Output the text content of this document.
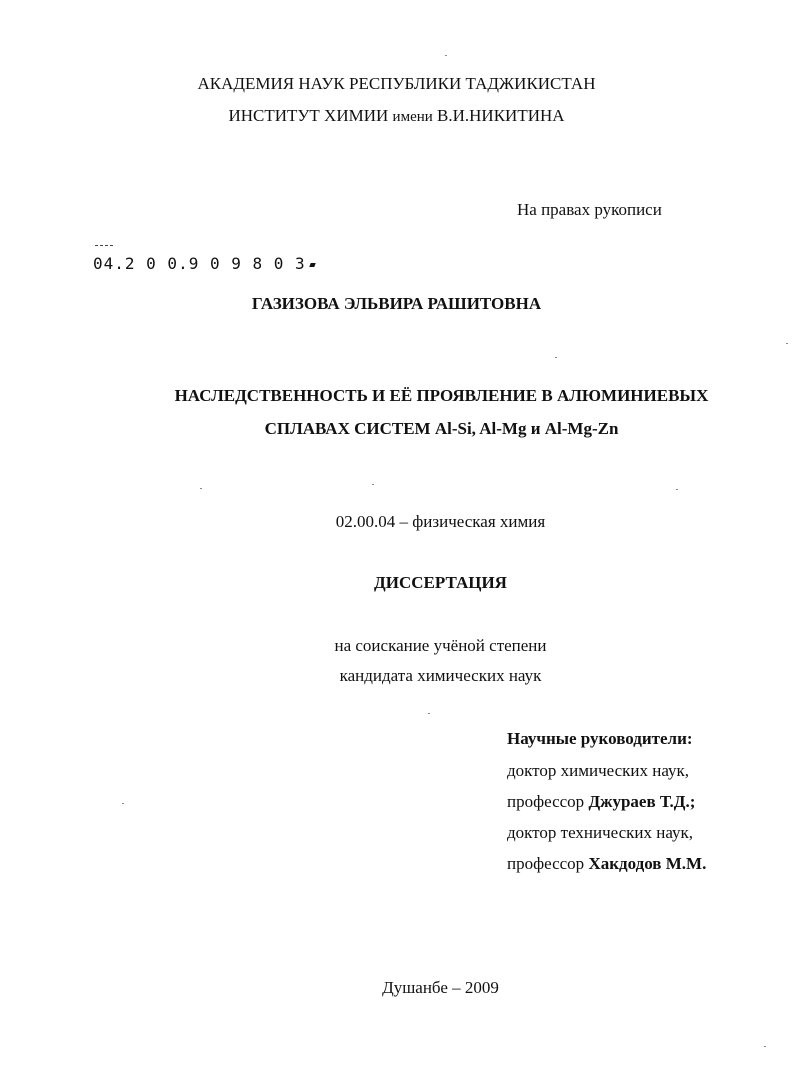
АКАДЕМИЯ НАУК РЕСПУБЛИКИ ТАДЖИКИСТАН
ИНСТИТУТ ХИМИИ имени В.И.НИКИТИНА
На правах рукописи
04.2 0 0.9 0 9 8 0 3
ГАЗИЗОВА ЭЛЬВИРА РАШИТОВНА
НАСЛЕДСТВЕННОСТЬ И ЕЁ ПРОЯВЛЕНИЕ В АЛЮМИНИЕВЫХ
СПЛАВАХ СИСТЕМ Al-Si, Al-Mg и Al-Mg-Zn
02.00.04 – физическая химия
ДИССЕРТАЦИЯ
на соискание учёной степени
кандидата химических наук
Научные руководители:
доктор химических наук,
профессор Джураев Т.Д.;
доктор технических наук,
профессор Хакдодов М.М.
Душанбе – 2009
